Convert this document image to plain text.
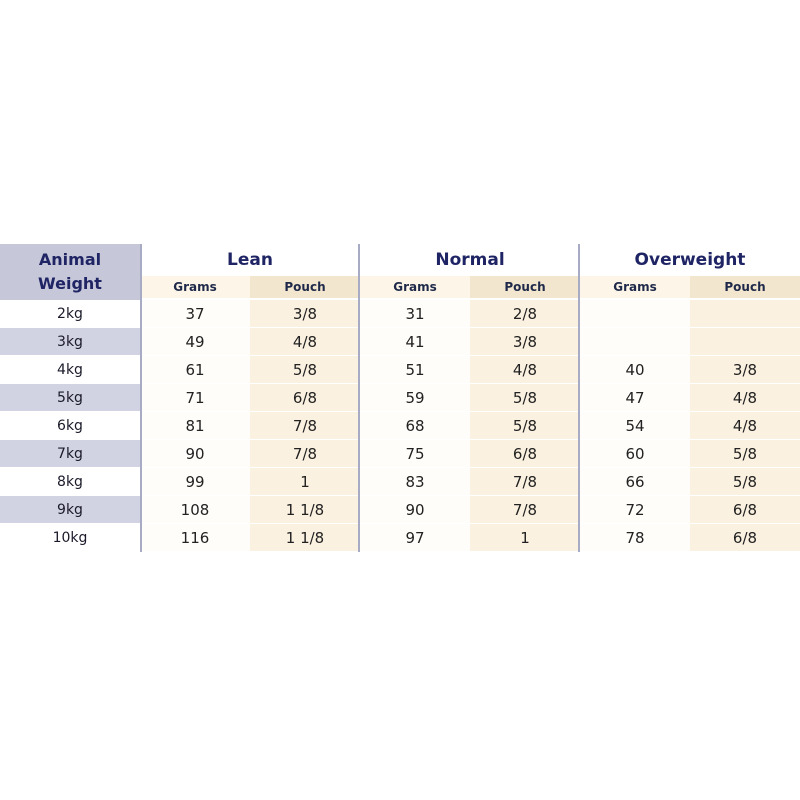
Animal
Weight
Lean	Normal	Overweight
Grams	Pouch	Grams	Pouch	Grams	Pouch
2kg	37	3/8	31	2/8
3kg	49	4/8	41	3/8
4kg	61	5/8	51	4/8	40	3/8
5kg	71	6/8	59	5/8	47	4/8
6kg	81	7/8	68	5/8	54	4/8
7kg	90	7/8	75	6/8	60	5/8
8kg	99	1	83	7/8	66	5/8
9kg	108	1 1/8	90	7/8	72	6/8
10kg	116	1 1/8	97	1	78	6/8
